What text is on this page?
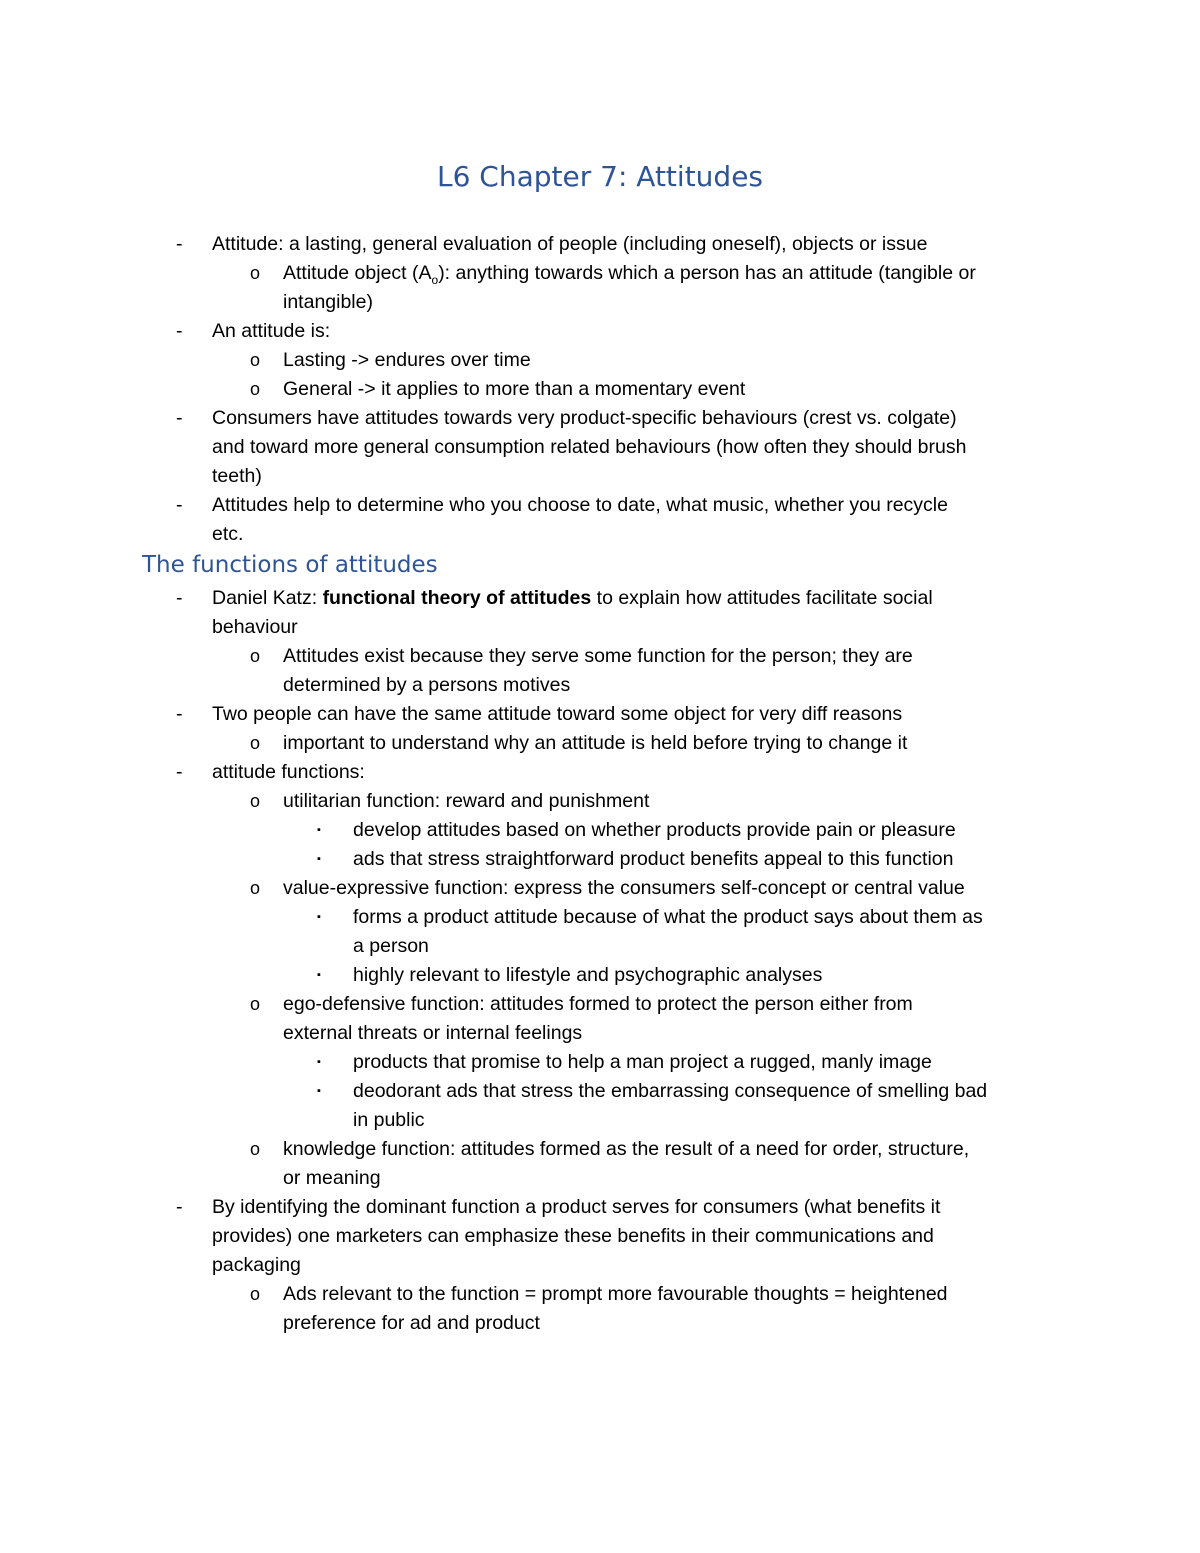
L6 Chapter 7: Attitudes
- Attitude: a lasting, general evaluation of people (including oneself), objects or issue
o Attitude object $(A_o)$: anything towards which a person has an attitude (tangible or
intangible)
- An attitude is:
o Lasting -> endures over time
o General -> it applies to more than a momentary event
- Consumers have attitudes towards very product-specific behaviours (crest vs. colgate)
and toward more general consumption related behaviours (how often they should brush
teeth)
- Attitudes help to determine who you choose to date, what music, whether you recycle
etc.
The functions of attitudes
- Daniel Katz: functional theory of attitudes to explain how attitudes facilitate social
behaviour
o Attitudes exist because they serve some function for the person; they are
determined by a persons motives
- Two people can have the same attitude toward some object for very diff reasons
o important to understand why an attitude is held before trying to change it
- attitude functions:
o utilitarian function: reward and punishment
▪ develop attitudes based on whether products provide pain or pleasure
▪ ads that stress straightforward product benefits appeal to this function
o value-expressive function: express the consumers self-concept or central value
▪ forms a product attitude because of what the product says about them as
a person
▪ highly relevant to lifestyle and psychographic analyses
o ego-defensive function: attitudes formed to protect the person either from
external threats or internal feelings
▪ products that promise to help a man project a rugged, manly image
▪ deodorant ads that stress the embarrassing consequence of smelling bad
in public
o knowledge function: attitudes formed as the result of a need for order, structure,
or meaning
- By identifying the dominant function a product serves for consumers (what benefits it
provides) one marketers can emphasize these benefits in their communications and
packaging
o Ads relevant to the function = prompt more favourable thoughts = heightened
preference for ad and product
